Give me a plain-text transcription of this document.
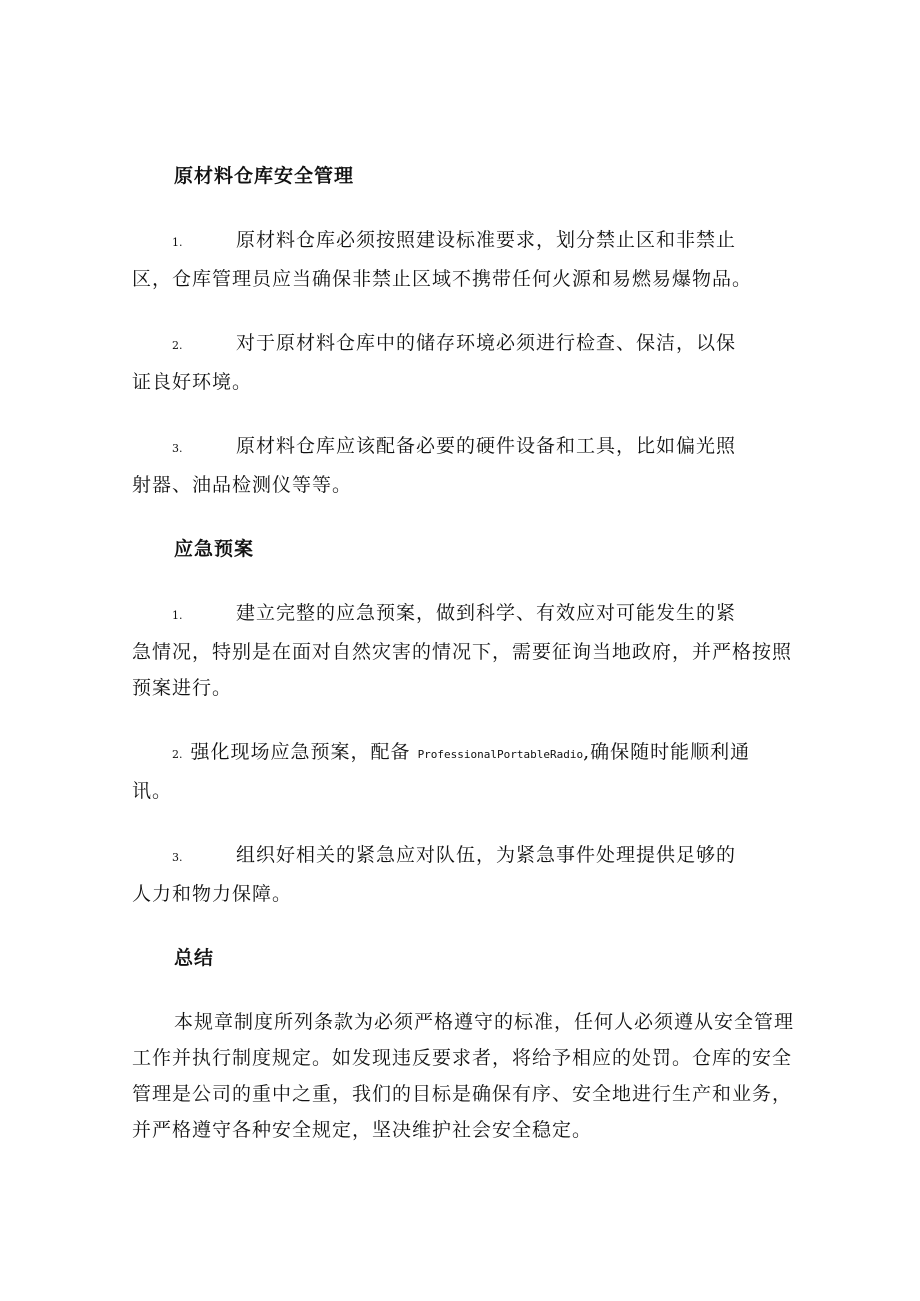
原材料仓库安全管理

1.	原材料仓库必须按照建设标准要求，划分禁止区和非禁止
区，仓库管理员应当确保非禁止区域不携带任何火源和易燃易爆物品。

2.	对于原材料仓库中的储存环境必须进行检查、保洁，以保
证良好环境。

3.	原材料仓库应该配备必要的硬件设备和工具，比如偏光照
射器、油品检测仪等等。

应急预案

1.	建立完整的应急预案，做到科学、有效应对可能发生的紧
急情况，特别是在面对自然灾害的情况下，需要征询当地政府，并严格按照
预案进行。

2. 强化现场应急预案，配备 ProfessionalPortableRadio,确保随时能顺利通
讯。

3.	组织好相关的紧急应对队伍，为紧急事件处理提供足够的
人力和物力保障。

总结

本规章制度所列条款为必须严格遵守的标准，任何人必须遵从安全管理
工作并执行制度规定。如发现违反要求者，将给予相应的处罚。仓库的安全
管理是公司的重中之重，我们的目标是确保有序、安全地进行生产和业务，
并严格遵守各种安全规定，坚决维护社会安全稳定。
